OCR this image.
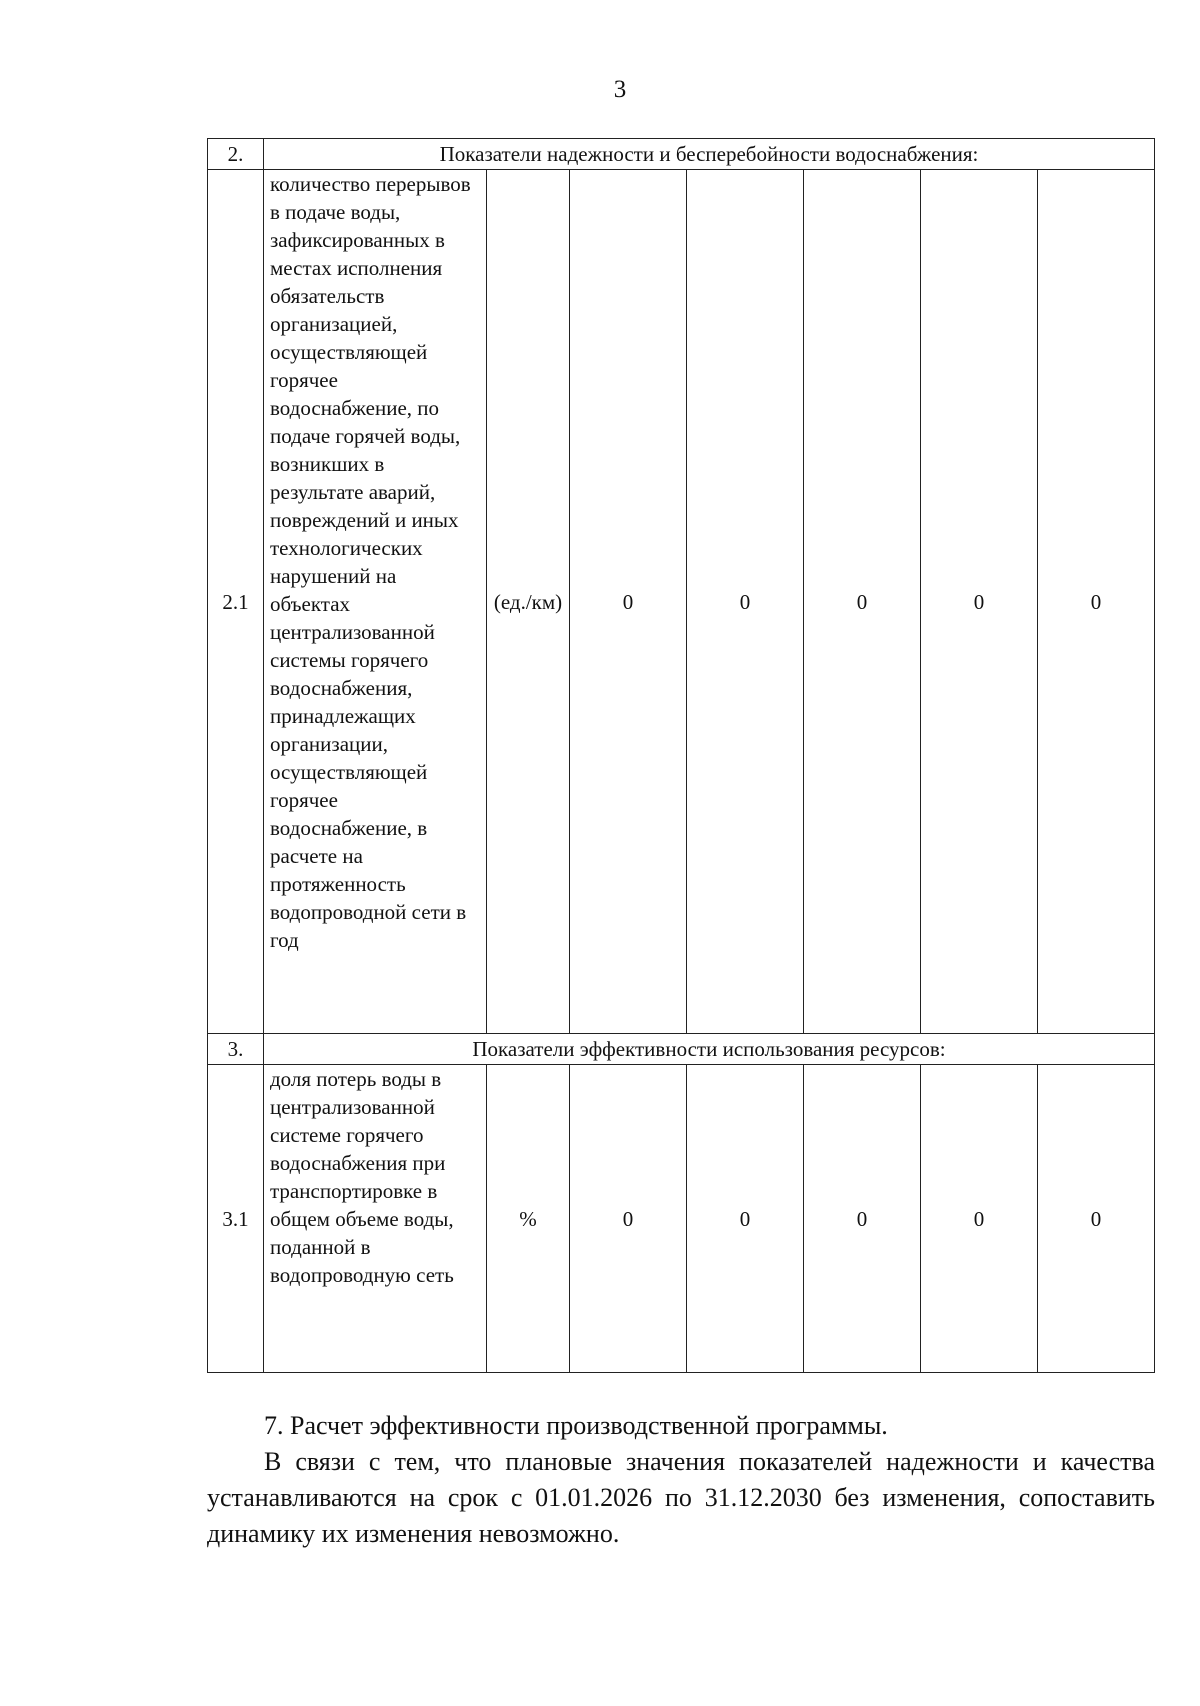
3
2.	Показатели надежности и бесперебойности водоснабжения:						
2.1	количество перерывов в подаче воды, зафиксированных в местах исполнения обязательств организацией, осуществляющей горячее водоснабжение, по подаче горячей воды, возникших в результате аварий, повреждений и иных технологических нарушений на объектах централизованной системы горячего водоснабжения, принадлежащих организации, осуществляющей горячее водоснабжение, в расчете на протяженность водопроводной сети в год	(ед./км)	0	0	0	0	0
3.	Показатели эффективности использования ресурсов:						
3.1	доля потерь воды в централизованной системе горячего водоснабжения при транспортировке в общем объеме воды, поданной в водопроводную сеть	%	0	0	0	0	0

7. Расчет эффективности производственной программы.

В связи с тем, что плановые значения показателей надежности и качества устанавливаются на срок с 01.01.2026 по 31.12.2030 без изменения, сопоставить динамику их изменения невозможно.
